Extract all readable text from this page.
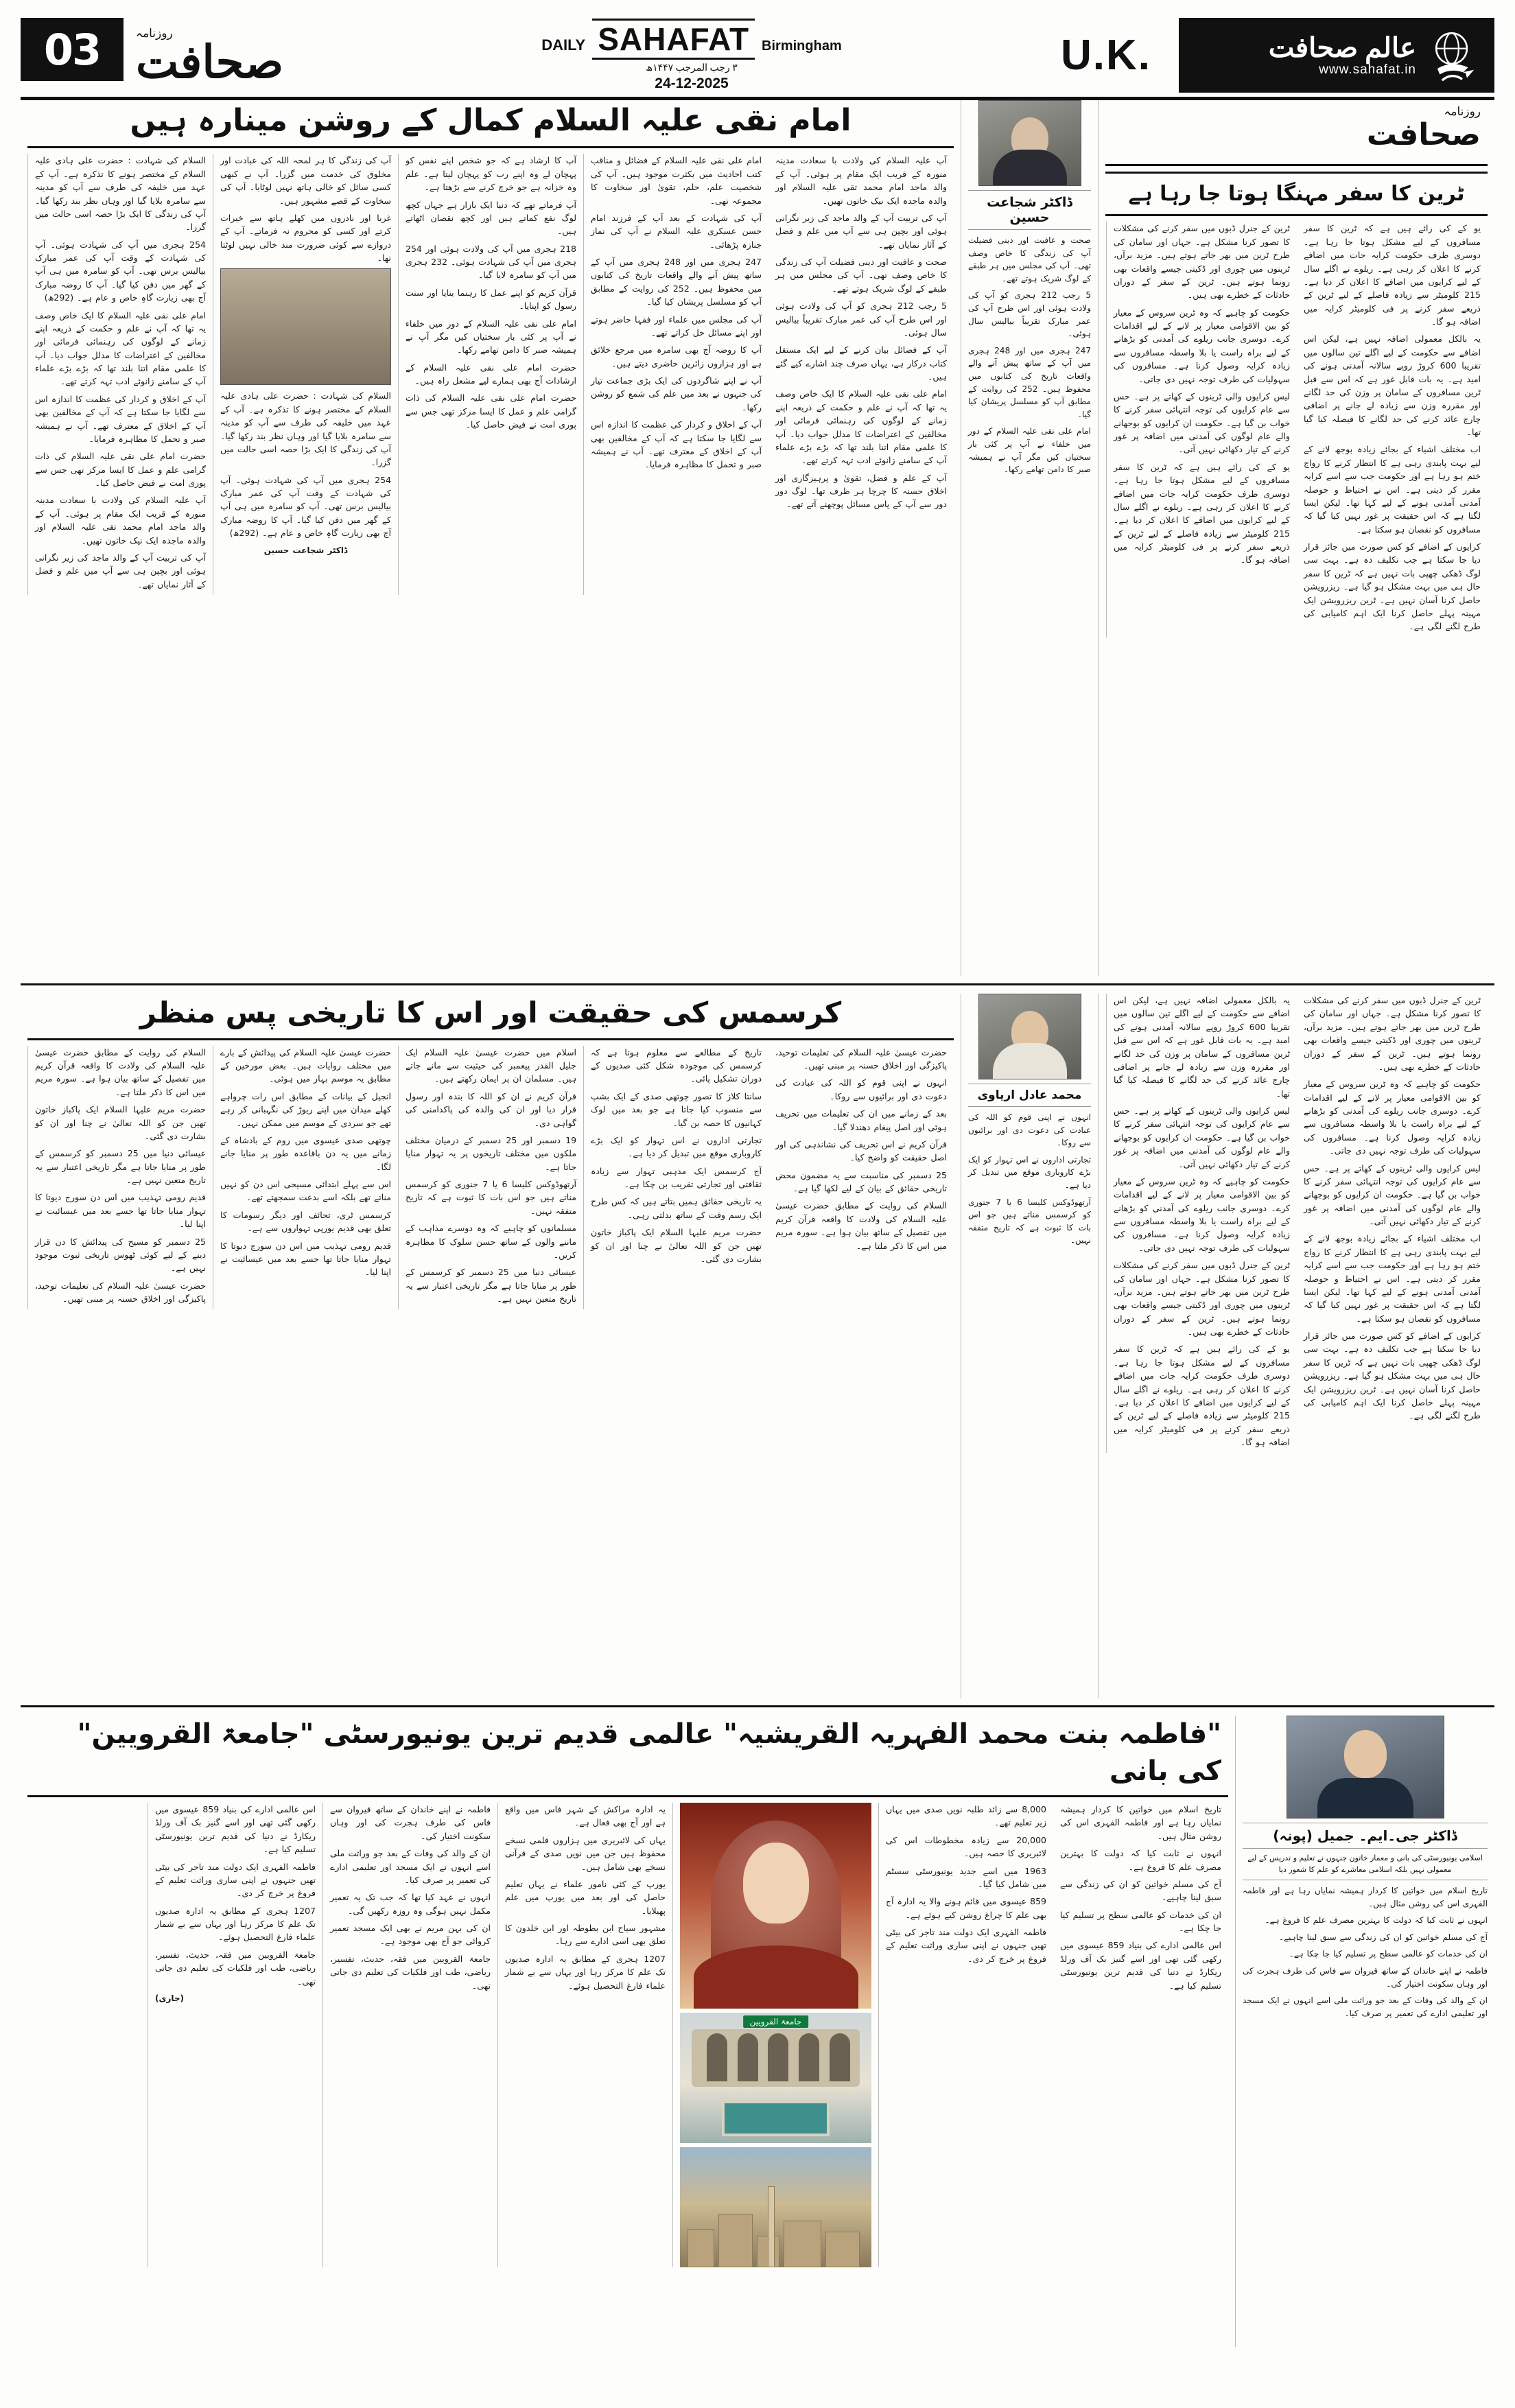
03	روزنامہ
صحافت	DAILY SAHAFAT Birmingham
۳ رجب المرجب ۱۴۴۷ھ
24-12-2025
U.K.	عالم صحافت
www.sahafat.in
امام نقی علیہ السلام کمال کے روشن مینارہ ہیں

آپ علیہ السلام کی ولادت با سعادت مدینہ منورہ کے قریب ایک مقام پر ہوئی۔ آپ کے والد ماجد امام محمد تقی علیہ السلام اور والدہ ماجدہ ایک نیک خاتون تھیں۔

آپ کی تربیت آپ کے والد ماجد کی زیر نگرانی ہوئی اور بچپن ہی سے آپ میں علم و فضل کے آثار نمایاں تھے۔

صحت و عافیت اور دینی فضیلت آپ کی زندگی کا خاص وصف تھی۔ آپ کی مجلس میں ہر طبقے کے لوگ شریک ہوتے تھے۔

5 رجب 212 ہجری کو آپ کی ولادت ہوئی اور اس طرح آپ کی عمر مبارک تقریباً بیالیس سال ہوئی۔

آپ کے فضائل بیان کرنے کے لیے ایک مستقل کتاب درکار ہے، یہاں صرف چند اشارے کیے گئے ہیں۔

امام علی نقی علیہ السلام کا ایک خاص وصف یہ تھا کہ آپ نے علم و حکمت کے ذریعہ اپنے زمانے کے لوگوں کی رہنمائی فرمائی اور مخالفین کے اعتراضات کا مدلل جواب دیا۔ آپ کا علمی مقام اتنا بلند تھا کہ بڑے بڑے علماء آپ کے سامنے زانوئے ادب تہہ کرتے تھے۔

آپ کے علم و فضل، تقویٰ و پرہیزگاری اور اخلاق حسنہ کا چرچا ہر طرف تھا۔ لوگ دور دور سے آپ کے پاس مسائل پوچھنے آتے تھے۔

امام علی نقی علیہ السلام کے فضائل و مناقب کتب احادیث میں بکثرت موجود ہیں۔ آپ کی شخصیت علم، حلم، تقویٰ اور سخاوت کا مجموعہ تھی۔

آپ کی شہادت کے بعد آپ کے فرزند امام حسن عسکری علیہ السلام نے آپ کی نماز جنازہ پڑھائی۔

247 ہجری میں اور 248 ہجری میں آپ کے ساتھ پیش آنے والے واقعات تاریخ کی کتابوں میں محفوظ ہیں۔ 252 کی روایت کے مطابق آپ کو مسلسل پریشان کیا گیا۔

آپ کی مجلس میں علماء اور فقہا حاضر ہوتے اور اپنے مسائل حل کراتے تھے۔

آپ کا روضہ آج بھی سامرہ میں مرجع خلائق ہے اور ہزاروں زائرین حاضری دیتے ہیں۔

آپ نے اپنے شاگردوں کی ایک بڑی جماعت تیار کی جنہوں نے بعد میں علم کی شمع کو روشن رکھا۔

آپ کے اخلاق و کردار کی عظمت کا اندازہ اس سے لگایا جا سکتا ہے کہ آپ کے مخالفین بھی آپ کے اخلاق کے معترف تھے۔ آپ نے ہمیشہ صبر و تحمل کا مظاہرہ فرمایا۔

آپ کا ارشاد ہے کہ جو شخص اپنے نفس کو پہچان لے وہ اپنے رب کو پہچان لیتا ہے۔ علم وہ خزانہ ہے جو خرچ کرنے سے بڑھتا ہے۔

آپ فرماتے تھے کہ دنیا ایک بازار ہے جہاں کچھ لوگ نفع کماتے ہیں اور کچھ نقصان اٹھاتے ہیں۔

218 ہجری میں آپ کی ولادت ہوئی اور 254 ہجری میں آپ کی شہادت ہوئی۔ 232 ہجری میں آپ کو سامرہ لایا گیا۔

قرآن کریم کو اپنے عمل کا رہنما بنایا اور سنت رسول کو اپنایا۔

امام علی نقی علیہ السلام کے دور میں خلفاء نے آپ پر کئی بار سختیاں کیں مگر آپ نے ہمیشہ صبر کا دامن تھامے رکھا۔

حضرت امام علی نقی علیہ السلام کے ارشادات آج بھی ہمارے لیے مشعل راہ ہیں۔

حضرت امام علی نقی علیہ السلام کی ذات گرامی علم و عمل کا ایسا مرکز تھی جس سے پوری امت نے فیض حاصل کیا۔

آپ کی زندگی کا ہر لمحہ اللہ کی عبادت اور مخلوق کی خدمت میں گزرا۔ آپ نے کبھی کسی سائل کو خالی ہاتھ نہیں لوٹایا۔ آپ کی سخاوت کے قصے مشہور ہیں۔

غربا اور نادروں میں کھلے ہاتھ سے خیرات کرتے اور کسی کو محروم نہ فرماتے۔ آپ کے دروازے سے کوئی ضرورت مند خالی نہیں لوٹتا تھا۔

السلام کی شہادت : حضرت علی ہادی علیہ السلام کے مختصر ہونے کا تذکرہ ہے۔ آپ کے عہد میں خلیفہ کی طرف سے آپ کو مدینہ سے سامرہ بلایا گیا اور وہاں نظر بند رکھا گیا۔ آپ کی زندگی کا ایک بڑا حصہ اسی حالت میں گزرا۔

254 ہجری میں آپ کی شہادت ہوئی۔ آپ کی شہادت کے وقت آپ کی عمر مبارک بیالیس برس تھی۔ آپ کو سامرہ میں ہی آپ کے گھر میں دفن کیا گیا۔ آپ کا روضہ مبارک آج بھی زیارت گاہِ خاص و عام ہے۔ (292ھ)

ڈاکٹر شجاعت حسین

السلام کی شہادت : حضرت علی ہادی علیہ السلام کے مختصر ہونے کا تذکرہ ہے۔ آپ کے عہد میں خلیفہ کی طرف سے آپ کو مدینہ سے سامرہ بلایا گیا اور وہاں نظر بند رکھا گیا۔ آپ کی زندگی کا ایک بڑا حصہ اسی حالت میں گزرا۔

254 ہجری میں آپ کی شہادت ہوئی۔ آپ کی شہادت کے وقت آپ کی عمر مبارک بیالیس برس تھی۔ آپ کو سامرہ میں ہی آپ کے گھر میں دفن کیا گیا۔ آپ کا روضہ مبارک آج بھی زیارت گاہِ خاص و عام ہے۔ (292ھ)

امام علی نقی علیہ السلام کا ایک خاص وصف یہ تھا کہ آپ نے علم و حکمت کے ذریعہ اپنے زمانے کے لوگوں کی رہنمائی فرمائی اور مخالفین کے اعتراضات کا مدلل جواب دیا۔ آپ کا علمی مقام اتنا بلند تھا کہ بڑے بڑے علماء آپ کے سامنے زانوئے ادب تہہ کرتے تھے۔

آپ کے اخلاق و کردار کی عظمت کا اندازہ اس سے لگایا جا سکتا ہے کہ آپ کے مخالفین بھی آپ کے اخلاق کے معترف تھے۔ آپ نے ہمیشہ صبر و تحمل کا مظاہرہ فرمایا۔

حضرت امام علی نقی علیہ السلام کی ذات گرامی علم و عمل کا ایسا مرکز تھی جس سے پوری امت نے فیض حاصل کیا۔

آپ علیہ السلام کی ولادت با سعادت مدینہ منورہ کے قریب ایک مقام پر ہوئی۔ آپ کے والد ماجد امام محمد تقی علیہ السلام اور والدہ ماجدہ ایک نیک خاتون تھیں۔

آپ کی تربیت آپ کے والد ماجد کی زیر نگرانی ہوئی اور بچپن ہی سے آپ میں علم و فضل کے آثار نمایاں تھے۔

ڈاکٹر شجاعت حسین

صحت و عافیت اور دینی فضیلت آپ کی زندگی کا خاص وصف تھی۔ آپ کی مجلس میں ہر طبقے کے لوگ شریک ہوتے تھے۔

5 رجب 212 ہجری کو آپ کی ولادت ہوئی اور اس طرح آپ کی عمر مبارک تقریباً بیالیس سال ہوئی۔

247 ہجری میں اور 248 ہجری میں آپ کے ساتھ پیش آنے والے واقعات تاریخ کی کتابوں میں محفوظ ہیں۔ 252 کی روایت کے مطابق آپ کو مسلسل پریشان کیا گیا۔

امام علی نقی علیہ السلام کے دور میں خلفاء نے آپ پر کئی بار سختیاں کیں مگر آپ نے ہمیشہ صبر کا دامن تھامے رکھا۔

روزنامہ
صحافت
ٹرین کا سفر مہنگا ہوتا جا رہا ہے

یو کے کی رائے ہیں ہے کہ ٹرین کا سفر مسافروں کے لیے مشکل ہوتا جا رہا ہے۔ دوسری طرف حکومت کرایہ جات میں اضافے کرنے کا اعلان کر رہی ہے۔ ریلوے نے اگلے سال کے لیے کرایوں میں اضافے کا اعلان کر دیا ہے۔ 215 کلومیٹر سے زیادہ فاصلے کے لیے ٹرین کے ذریعے سفر کرنے پر فی کلومیٹر کرایہ میں اضافہ ہو گا۔

یہ بالکل معمولی اضافہ نہیں ہے، لیکن اس اضافے سے حکومت کے لیے اگلے تین سالوں میں تقریبا 600 کروڑ روپے سالانہ آمدنی ہونے کی امید ہے۔ یہ بات قابل غور ہے کہ اس سے قبل ٹرین مسافروں کے سامان پر وزن کی حد لگانے اور مقررہ وزن سے زیادہ لے جانے پر اضافی چارج عائد کرنے کی حد لگانے کا فیصلہ کیا گیا تھا۔

اب مختلف اشیاء کے بجائے زیادہ بوجھ لانے کے لیے بہت پابندی رہی ہے کا انتظار کرنے کا رواج ختم ہو رہا ہے اور حکومت جب سے اسے کرایہ مقرر کر دیتی ہے۔ اس نے احتیاط و حوصلہ آمدنی آمدنی ہونے کے لیے کہا تھا۔ لیکن ایسا لگتا ہے کہ اس حقیقت پر غور نہیں کیا گیا کہ مسافروں کو نقصان ہو سکتا ہے۔

کرایوں کے اضافے کو کس صورت میں جائز قرار دیا جا سکتا ہے جب تکلیف دہ ہے۔ بہت سی لوگ ڈھکی چھپی بات نہیں ہے کہ ٹرین کا سفر حال ہی میں بہت مشکل ہو گیا ہے۔ ریزرویشن حاصل کرنا آسان نہیں ہے۔ ٹرین ریزرویشن ایک مہینہ پہلے حاصل کرنا ایک اہم کامیابی کی طرح لگنے لگی ہے۔

ٹرین کے جنرل ڈبوں میں سفر کرنے کی مشکلات کا تصور کرنا مشکل ہے۔ جہاں اور سامان کی طرح ٹرین میں بھر جاتے ہوتے ہیں۔ مزید برآں، ٹرینوں میں چوری اور ڈکیتی جیسے واقعات بھی رونما ہوتے ہیں۔ ٹرین کے سفر کے دوران حادثات کے خطرے بھی ہیں۔

حکومت کو چاہیے کہ وہ ٹرین سروس کے معیار کو بین الاقوامی معیار پر لانے کے لیے اقدامات کرے۔ دوسری جانب ریلوے کی آمدنی کو بڑھانے کے لیے براہ راست یا بلا واسطہ مسافروں سے زیادہ کرایہ وصول کرنا ہے۔ مسافروں کی سہولیات کی طرف توجہ نہیں دی جاتی۔

لیس کرایوں والی ٹرینوں کے کھاتے پر ہے۔ حس سے عام کرایوں کی توجہ انتہائی سفر کرنے کا خواب بن گیا ہے۔ حکومت ان کرایوں کو بوجھانے والے عام لوگوں کی آمدنی میں اضافہ پر غور کرنے کے تیار دکھائی نہیں آتی۔

یو کے کی رائے ہیں ہے کہ ٹرین کا سفر مسافروں کے لیے مشکل ہوتا جا رہا ہے۔ دوسری طرف حکومت کرایہ جات میں اضافے کرنے کا اعلان کر رہی ہے۔ ریلوے نے اگلے سال کے لیے کرایوں میں اضافے کا اعلان کر دیا ہے۔ 215 کلومیٹر سے زیادہ فاصلے کے لیے ٹرین کے ذریعے سفر کرنے پر فی کلومیٹر کرایہ میں اضافہ ہو گا۔

کرسمس کی حقیقت اور اس کا تاریخی پس منظر

حضرت عیسیٰ علیہ السلام کی تعلیمات توحید، پاکیزگی اور اخلاق حسنہ پر مبنی تھیں۔

انہوں نے اپنی قوم کو اللہ کی عبادت کی دعوت دی اور برائیوں سے روکا۔

بعد کے زمانے میں ان کی تعلیمات میں تحریف ہوئی اور اصل پیغام دھندلا گیا۔

قرآن کریم نے اس تحریف کی نشاندہی کی اور اصل حقیقت کو واضح کیا۔

25 دسمبر کی مناسبت سے یہ مضمون محض تاریخی حقائق کے بیان کے لیے لکھا گیا ہے۔

السلام کی روایت کے مطابق حضرت عیسیٰ علیہ السلام کی ولادت کا واقعہ قرآن کریم میں تفصیل کے ساتھ بیان ہوا ہے۔ سورہ مریم میں اس کا ذکر ملتا ہے۔

تاریخ کے مطالعے سے معلوم ہوتا ہے کہ کرسمس کی موجودہ شکل کئی صدیوں کے دوران تشکیل پائی۔

سانتا کلاز کا تصور چوتھی صدی کے ایک بشپ سے منسوب کیا جاتا ہے جو بعد میں لوک کہانیوں کا حصہ بن گیا۔

تجارتی اداروں نے اس تہوار کو ایک بڑے کاروباری موقع میں تبدیل کر دیا ہے۔

آج کرسمس ایک مذہبی تہوار سے زیادہ ثقافتی اور تجارتی تقریب بن چکا ہے۔

یہ تاریخی حقائق ہمیں بتاتے ہیں کہ کس طرح ایک رسم وقت کے ساتھ بدلتی رہی۔

حضرت مریم علیہا السلام ایک پاکباز خاتون تھیں جن کو اللہ تعالیٰ نے چنا اور ان کو بشارت دی گئی۔

اسلام میں حضرت عیسیٰ علیہ السلام ایک جلیل القدر پیغمبر کی حیثیت سے مانے جاتے ہیں۔ مسلمان ان پر ایمان رکھتے ہیں۔

قرآن کریم نے ان کو اللہ کا بندہ اور رسول قرار دیا اور ان کی والدہ کی پاکدامنی کی گواہی دی۔

19 دسمبر اور 25 دسمبر کے درمیان مختلف ملکوں میں مختلف تاریخوں پر یہ تہوار منایا جاتا ہے۔

آرتھوڈوکس کلیسا 6 یا 7 جنوری کو کرسمس مناتے ہیں جو اس بات کا ثبوت ہے کہ تاریخ متفقہ نہیں۔

مسلمانوں کو چاہیے کہ وہ دوسرے مذاہب کے ماننے والوں کے ساتھ حسن سلوک کا مظاہرہ کریں۔

عیسائی دنیا میں 25 دسمبر کو کرسمس کے طور پر منایا جاتا ہے مگر تاریخی اعتبار سے یہ تاریخ متعین نہیں ہے۔

حضرت عیسیٰ علیہ السلام کی پیدائش کے بارے میں مختلف روایات ہیں۔ بعض مورخین کے مطابق یہ موسم بہار میں ہوئی۔

انجیل کے بیانات کے مطابق اس رات چرواہے کھلے میدان میں اپنے ریوڑ کی نگہبانی کر رہے تھے جو سردی کے موسم میں ممکن نہیں۔

چوتھی صدی عیسوی میں روم کے بادشاہ کے زمانے میں یہ دن باقاعدہ طور پر منایا جانے لگا۔

اس سے پہلے ابتدائی مسیحی اس دن کو نہیں مناتے تھے بلکہ اسے بدعت سمجھتے تھے۔

کرسمس ٹری، تحائف اور دیگر رسومات کا تعلق بھی قدیم یورپی تہواروں سے ہے۔

قدیم رومی تہذیب میں اس دن سورج دیوتا کا تہوار منایا جاتا تھا جسے بعد میں عیسائیت نے اپنا لیا۔

السلام کی روایت کے مطابق حضرت عیسیٰ علیہ السلام کی ولادت کا واقعہ قرآن کریم میں تفصیل کے ساتھ بیان ہوا ہے۔ سورہ مریم میں اس کا ذکر ملتا ہے۔

حضرت مریم علیہا السلام ایک پاکباز خاتون تھیں جن کو اللہ تعالیٰ نے چنا اور ان کو بشارت دی گئی۔

عیسائی دنیا میں 25 دسمبر کو کرسمس کے طور پر منایا جاتا ہے مگر تاریخی اعتبار سے یہ تاریخ متعین نہیں ہے۔

قدیم رومی تہذیب میں اس دن سورج دیوتا کا تہوار منایا جاتا تھا جسے بعد میں عیسائیت نے اپنا لیا۔

25 دسمبر کو مسیح کی پیدائش کا دن قرار دینے کے لیے کوئی ٹھوس تاریخی ثبوت موجود نہیں ہے۔

حضرت عیسیٰ علیہ السلام کی تعلیمات توحید، پاکیزگی اور اخلاق حسنہ پر مبنی تھیں۔

محمد عادل اریاوی

انہوں نے اپنی قوم کو اللہ کی عبادت کی دعوت دی اور برائیوں سے روکا۔

تجارتی اداروں نے اس تہوار کو ایک بڑے کاروباری موقع میں تبدیل کر دیا ہے۔

آرتھوڈوکس کلیسا 6 یا 7 جنوری کو کرسمس مناتے ہیں جو اس بات کا ثبوت ہے کہ تاریخ متفقہ نہیں۔

ٹرین کے جنرل ڈبوں میں سفر کرنے کی مشکلات کا تصور کرنا مشکل ہے۔ جہاں اور سامان کی طرح ٹرین میں بھر جاتے ہوتے ہیں۔ مزید برآں، ٹرینوں میں چوری اور ڈکیتی جیسے واقعات بھی رونما ہوتے ہیں۔ ٹرین کے سفر کے دوران حادثات کے خطرے بھی ہیں۔

حکومت کو چاہیے کہ وہ ٹرین سروس کے معیار کو بین الاقوامی معیار پر لانے کے لیے اقدامات کرے۔ دوسری جانب ریلوے کی آمدنی کو بڑھانے کے لیے براہ راست یا بلا واسطہ مسافروں سے زیادہ کرایہ وصول کرنا ہے۔ مسافروں کی سہولیات کی طرف توجہ نہیں دی جاتی۔

لیس کرایوں والی ٹرینوں کے کھاتے پر ہے۔ حس سے عام کرایوں کی توجہ انتہائی سفر کرنے کا خواب بن گیا ہے۔ حکومت ان کرایوں کو بوجھانے والے عام لوگوں کی آمدنی میں اضافہ پر غور کرنے کے تیار دکھائی نہیں آتی۔

اب مختلف اشیاء کے بجائے زیادہ بوجھ لانے کے لیے بہت پابندی رہی ہے کا انتظار کرنے کا رواج ختم ہو رہا ہے اور حکومت جب سے اسے کرایہ مقرر کر دیتی ہے۔ اس نے احتیاط و حوصلہ آمدنی آمدنی ہونے کے لیے کہا تھا۔ لیکن ایسا لگتا ہے کہ اس حقیقت پر غور نہیں کیا گیا کہ مسافروں کو نقصان ہو سکتا ہے۔

کرایوں کے اضافے کو کس صورت میں جائز قرار دیا جا سکتا ہے جب تکلیف دہ ہے۔ بہت سی لوگ ڈھکی چھپی بات نہیں ہے کہ ٹرین کا سفر حال ہی میں بہت مشکل ہو گیا ہے۔ ریزرویشن حاصل کرنا آسان نہیں ہے۔ ٹرین ریزرویشن ایک مہینہ پہلے حاصل کرنا ایک اہم کامیابی کی طرح لگنے لگی ہے۔

یہ بالکل معمولی اضافہ نہیں ہے، لیکن اس اضافے سے حکومت کے لیے اگلے تین سالوں میں تقریبا 600 کروڑ روپے سالانہ آمدنی ہونے کی امید ہے۔ یہ بات قابل غور ہے کہ اس سے قبل ٹرین مسافروں کے سامان پر وزن کی حد لگانے اور مقررہ وزن سے زیادہ لے جانے پر اضافی چارج عائد کرنے کی حد لگانے کا فیصلہ کیا گیا تھا۔

لیس کرایوں والی ٹرینوں کے کھاتے پر ہے۔ حس سے عام کرایوں کی توجہ انتہائی سفر کرنے کا خواب بن گیا ہے۔ حکومت ان کرایوں کو بوجھانے والے عام لوگوں کی آمدنی میں اضافہ پر غور کرنے کے تیار دکھائی نہیں آتی۔

حکومت کو چاہیے کہ وہ ٹرین سروس کے معیار کو بین الاقوامی معیار پر لانے کے لیے اقدامات کرے۔ دوسری جانب ریلوے کی آمدنی کو بڑھانے کے لیے براہ راست یا بلا واسطہ مسافروں سے زیادہ کرایہ وصول کرنا ہے۔ مسافروں کی سہولیات کی طرف توجہ نہیں دی جاتی۔

ٹرین کے جنرل ڈبوں میں سفر کرنے کی مشکلات کا تصور کرنا مشکل ہے۔ جہاں اور سامان کی طرح ٹرین میں بھر جاتے ہوتے ہیں۔ مزید برآں، ٹرینوں میں چوری اور ڈکیتی جیسے واقعات بھی رونما ہوتے ہیں۔ ٹرین کے سفر کے دوران حادثات کے خطرے بھی ہیں۔

یو کے کی رائے ہیں ہے کہ ٹرین کا سفر مسافروں کے لیے مشکل ہوتا جا رہا ہے۔ دوسری طرف حکومت کرایہ جات میں اضافے کرنے کا اعلان کر رہی ہے۔ ریلوے نے اگلے سال کے لیے کرایوں میں اضافے کا اعلان کر دیا ہے۔ 215 کلومیٹر سے زیادہ فاصلے کے لیے ٹرین کے ذریعے سفر کرنے پر فی کلومیٹر کرایہ میں اضافہ ہو گا۔

"فاطمہ بنت محمد الفہریہ القریشیہ" عالمی قدیم ترین یونیورسٹی "جامعۃ القرویین" کی بانی

تاریخ اسلام میں خواتین کا کردار ہمیشہ نمایاں رہا ہے اور فاطمہ الفہری اس کی روشن مثال ہیں۔

انہوں نے ثابت کیا کہ دولت کا بہترین مصرف علم کا فروغ ہے۔

آج کی مسلم خواتین کو ان کی زندگی سے سبق لینا چاہیے۔

ان کی خدمات کو عالمی سطح پر تسلیم کیا جا چکا ہے۔

اس عالمی ادارے کی بنیاد 859 عیسوی میں رکھی گئی تھی اور اسے گنیز بک آف ورلڈ ریکارڈ نے دنیا کی قدیم ترین یونیورسٹی تسلیم کیا ہے۔

8,000 سے زائد طلبہ نویں صدی میں یہاں زیر تعلیم تھے۔

20,000 سے زیادہ مخطوطات اس کی لائبریری کا حصہ ہیں۔

1963 میں اسے جدید یونیورسٹی سسٹم میں شامل کیا گیا۔

859 عیسوی میں قائم ہونے والا یہ ادارہ آج بھی علم کا چراغ روشن کیے ہوئے ہے۔

فاطمہ الفہری ایک دولت مند تاجر کی بیٹی تھیں جنہوں نے اپنی ساری وراثت تعلیم کے فروغ پر خرچ کر دی۔

جامعۃ القرویین

یہ ادارہ مراکش کے شہر فاس میں واقع ہے اور آج بھی فعال ہے۔

یہاں کی لائبریری میں ہزاروں قلمی نسخے محفوظ ہیں جن میں نویں صدی کے قرآنی نسخے بھی شامل ہیں۔

یورپ کے کئی نامور علماء نے یہاں تعلیم حاصل کی اور بعد میں یورپ میں علم پھیلایا۔

مشہور سیاح ابن بطوطہ اور ابن خلدون کا تعلق بھی اسی ادارے سے رہا۔

1207 ہجری کے مطابق یہ ادارہ صدیوں تک علم کا مرکز رہا اور یہاں سے بے شمار علماء فارغ التحصیل ہوئے۔

فاطمہ نے اپنے خاندان کے ساتھ قیروان سے فاس کی طرف ہجرت کی اور وہاں سکونت اختیار کی۔

ان کے والد کی وفات کے بعد جو وراثت ملی اسے انہوں نے ایک مسجد اور تعلیمی ادارے کی تعمیر پر صرف کیا۔

انہوں نے عہد کیا تھا کہ جب تک یہ تعمیر مکمل نہیں ہوگی وہ روزہ رکھیں گی۔

ان کی بہن مریم نے بھی ایک مسجد تعمیر کروائی جو آج بھی موجود ہے۔

جامعۃ القرویین میں فقہ، حدیث، تفسیر، ریاضی، طب اور فلکیات کی تعلیم دی جاتی تھی۔

اس عالمی ادارے کی بنیاد 859 عیسوی میں رکھی گئی تھی اور اسے گنیز بک آف ورلڈ ریکارڈ نے دنیا کی قدیم ترین یونیورسٹی تسلیم کیا ہے۔

فاطمہ الفہری ایک دولت مند تاجر کی بیٹی تھیں جنہوں نے اپنی ساری وراثت تعلیم کے فروغ پر خرچ کر دی۔

1207 ہجری کے مطابق یہ ادارہ صدیوں تک علم کا مرکز رہا اور یہاں سے بے شمار علماء فارغ التحصیل ہوئے۔

جامعۃ القرویین میں فقہ، حدیث، تفسیر، ریاضی، طب اور فلکیات کی تعلیم دی جاتی تھی۔

(جاری)

ڈاکٹر جی۔ایم۔ جمیل (پونہ)
اسلامی یونیورسٹی کی بانی و معمار خاتون جنہوں نے تعلیم و تدریس کے لیے معمولی نہیں بلکہ اسلامی معاشرے کو علم کا شعور دیا

تاریخ اسلام میں خواتین کا کردار ہمیشہ نمایاں رہا ہے اور فاطمہ الفہری اس کی روشن مثال ہیں۔

انہوں نے ثابت کیا کہ دولت کا بہترین مصرف علم کا فروغ ہے۔

آج کی مسلم خواتین کو ان کی زندگی سے سبق لینا چاہیے۔

ان کی خدمات کو عالمی سطح پر تسلیم کیا جا چکا ہے۔

فاطمہ نے اپنے خاندان کے ساتھ قیروان سے فاس کی طرف ہجرت کی اور وہاں سکونت اختیار کی۔

ان کے والد کی وفات کے بعد جو وراثت ملی اسے انہوں نے ایک مسجد اور تعلیمی ادارے کی تعمیر پر صرف کیا۔
